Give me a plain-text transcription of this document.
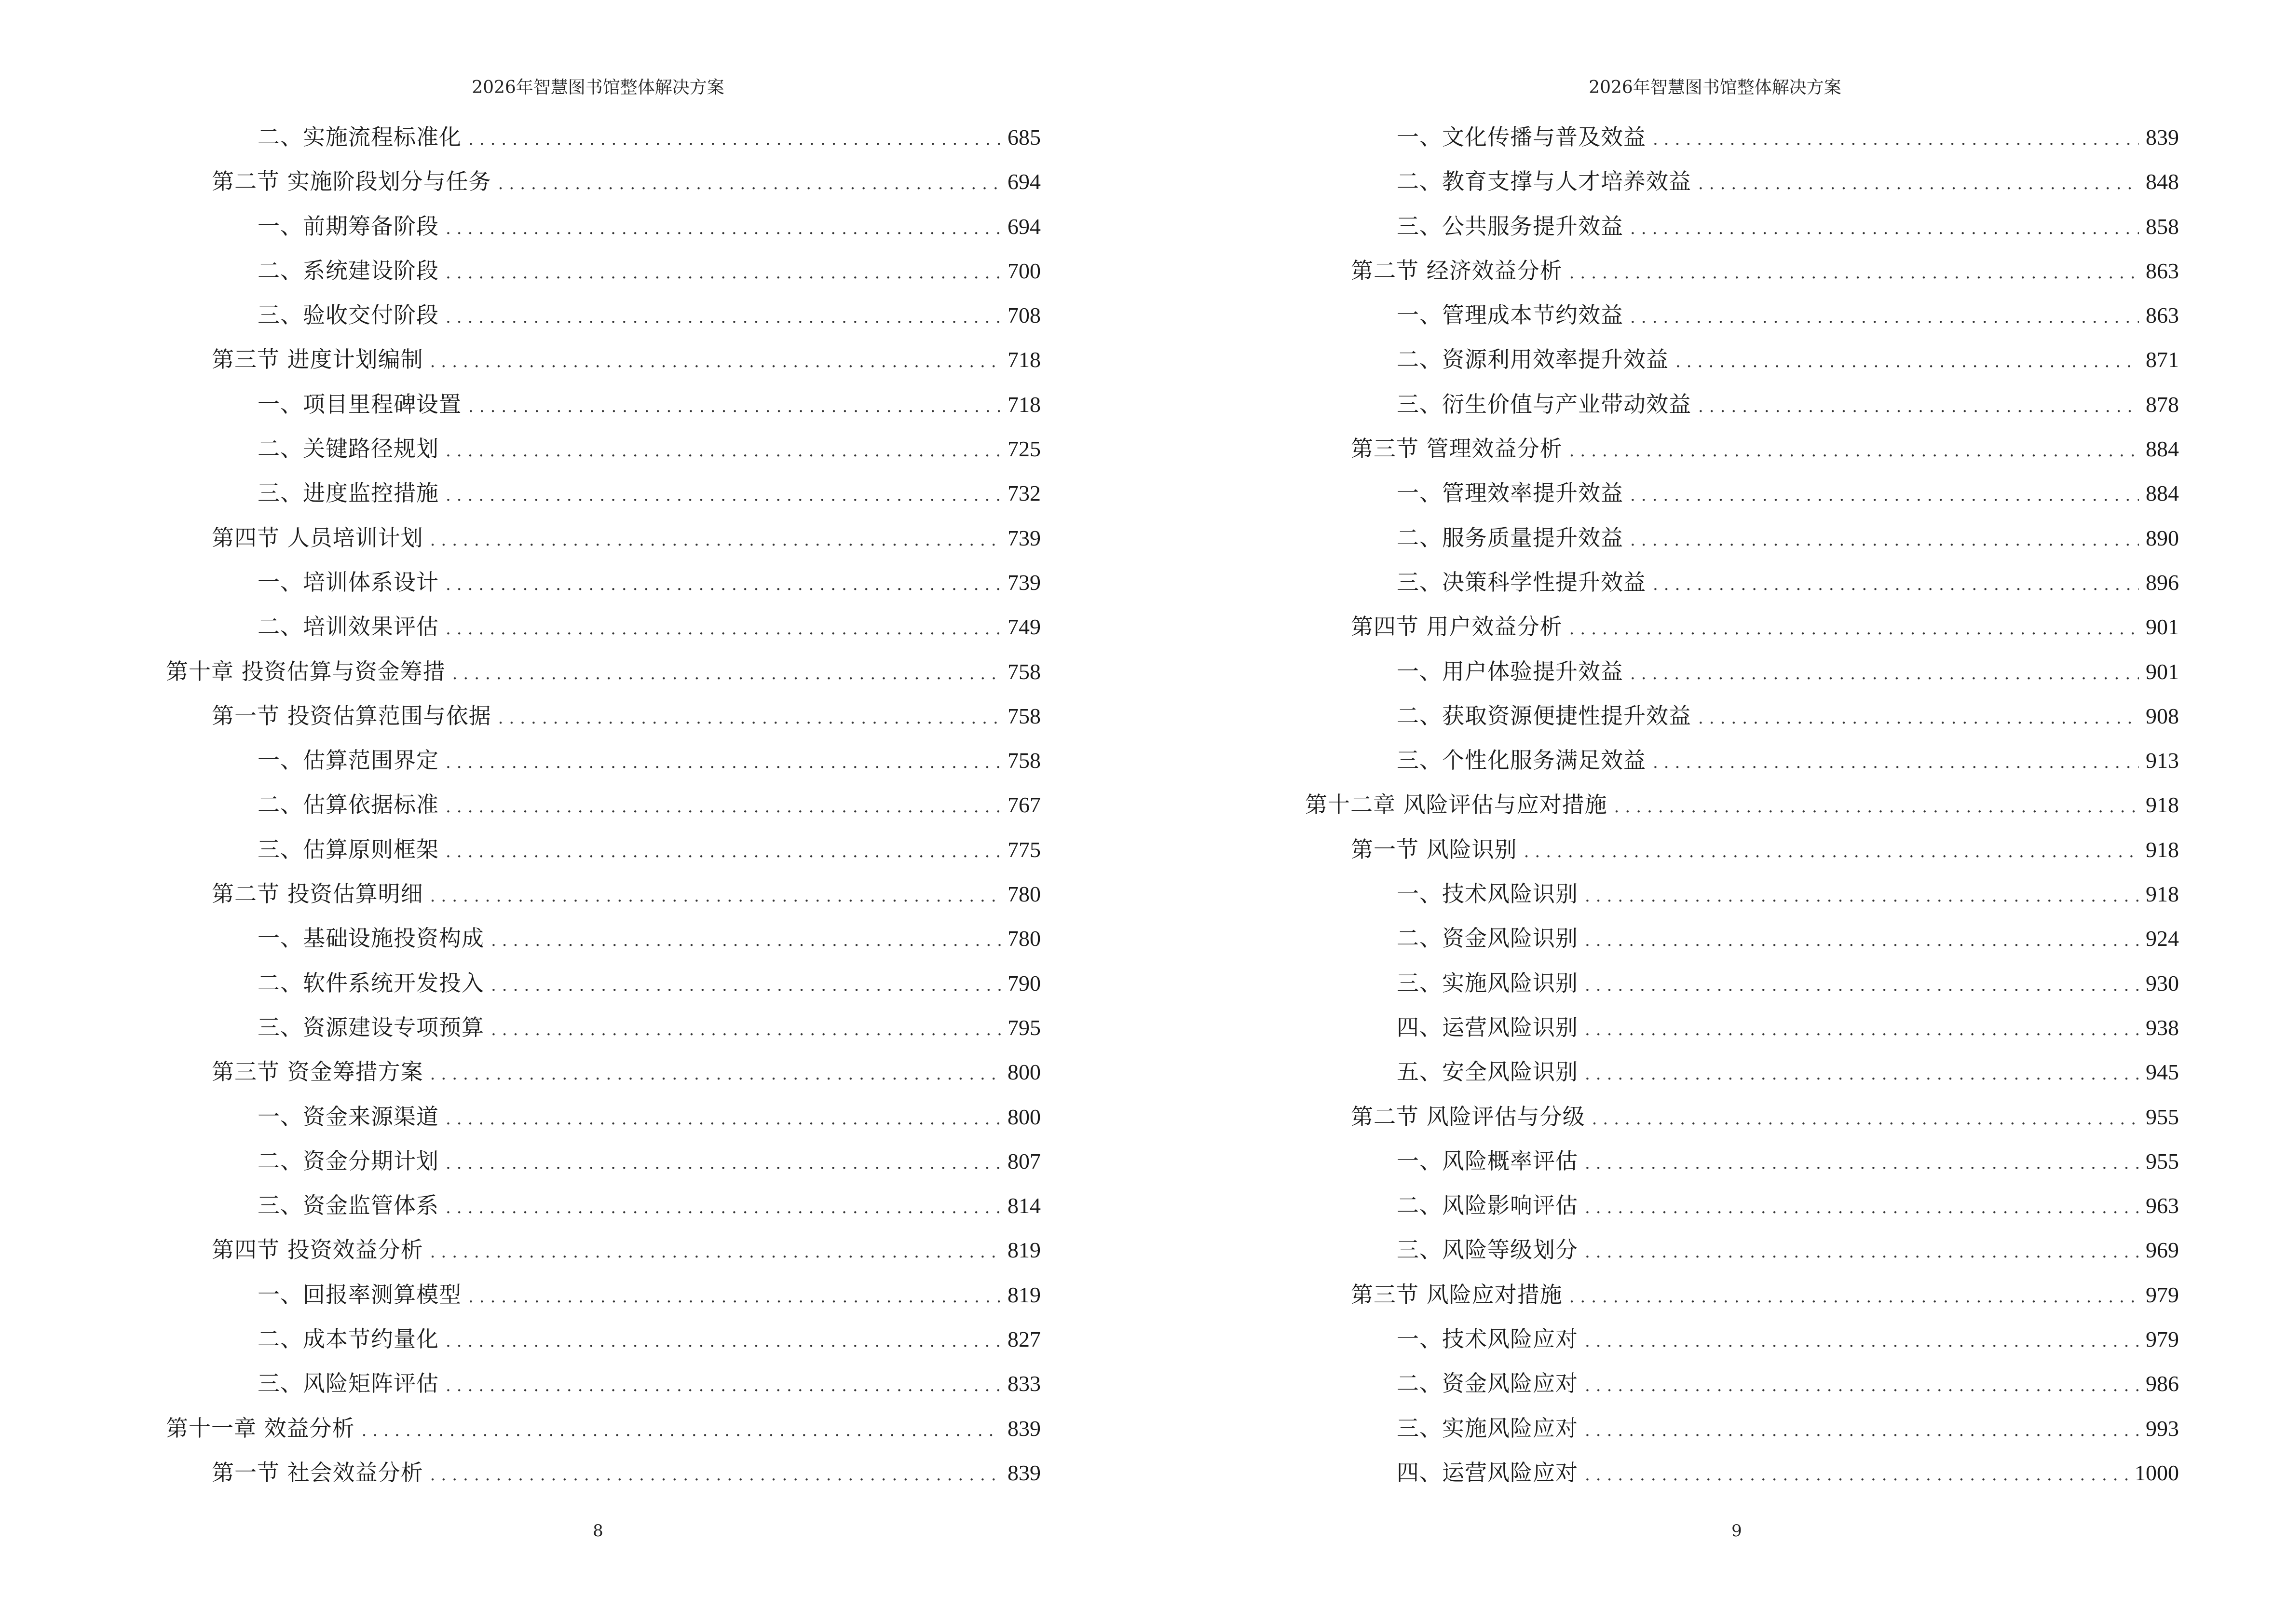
2026年智慧图书馆整体解决方案
二、实施流程标准化 .....	685
第二节 实施阶段划分与任务 .....	694
一、前期筹备阶段 .....	694
二、系统建设阶段 .....	700
三、验收交付阶段 .....	708
第三节 进度计划编制 .....	718
一、项目里程碑设置 .....	718
二、关键路径规划 .....	725
三、进度监控措施 .....	732
第四节 人员培训计划 .....	739
一、培训体系设计 .....	739
二、培训效果评估 .....	749
第十章 投资估算与资金筹措 .....	758
第一节 投资估算范围与依据 .....	758
一、估算范围界定 .....	758
二、估算依据标准 .....	767
三、估算原则框架 .....	775
第二节 投资估算明细 .....	780
一、基础设施投资构成 .....	780
二、软件系统开发投入 .....	790
三、资源建设专项预算 .....	795
第三节 资金筹措方案 .....	800
一、资金来源渠道 .....	800
二、资金分期计划 .....	807
三、资金监管体系 .....	814
第四节 投资效益分析 .....	819
一、回报率测算模型 .....	819
二、成本节约量化 .....	827
三、风险矩阵评估 .....	833
第十一章 效益分析 .....	839
第一节 社会效益分析 .....	839
8
2026年智慧图书馆整体解决方案
一、文化传播与普及效益 .....	839
二、教育支撑与人才培养效益 .....	848
三、公共服务提升效益 .....	858
第二节 经济效益分析 .....	863
一、管理成本节约效益 .....	863
二、资源利用效率提升效益 .....	871
三、衍生价值与产业带动效益 .....	878
第三节 管理效益分析 .....	884
一、管理效率提升效益 .....	884
二、服务质量提升效益 .....	890
三、决策科学性提升效益 .....	896
第四节 用户效益分析 .....	901
一、用户体验提升效益 .....	901
二、获取资源便捷性提升效益 .....	908
三、个性化服务满足效益 .....	913
第十二章 风险评估与应对措施 .....	918
第一节 风险识别 .....	918
一、技术风险识别 .....	918
二、资金风险识别 .....	924
三、实施风险识别 .....	930
四、运营风险识别 .....	938
五、安全风险识别 .....	945
第二节 风险评估与分级 .....	955
一、风险概率评估 .....	955
二、风险影响评估 .....	963
三、风险等级划分 .....	969
第三节 风险应对措施 .....	979
一、技术风险应对 .....	979
二、资金风险应对 .....	986
三、实施风险应对 .....	993
四、运营风险应对 .....	1000
9
